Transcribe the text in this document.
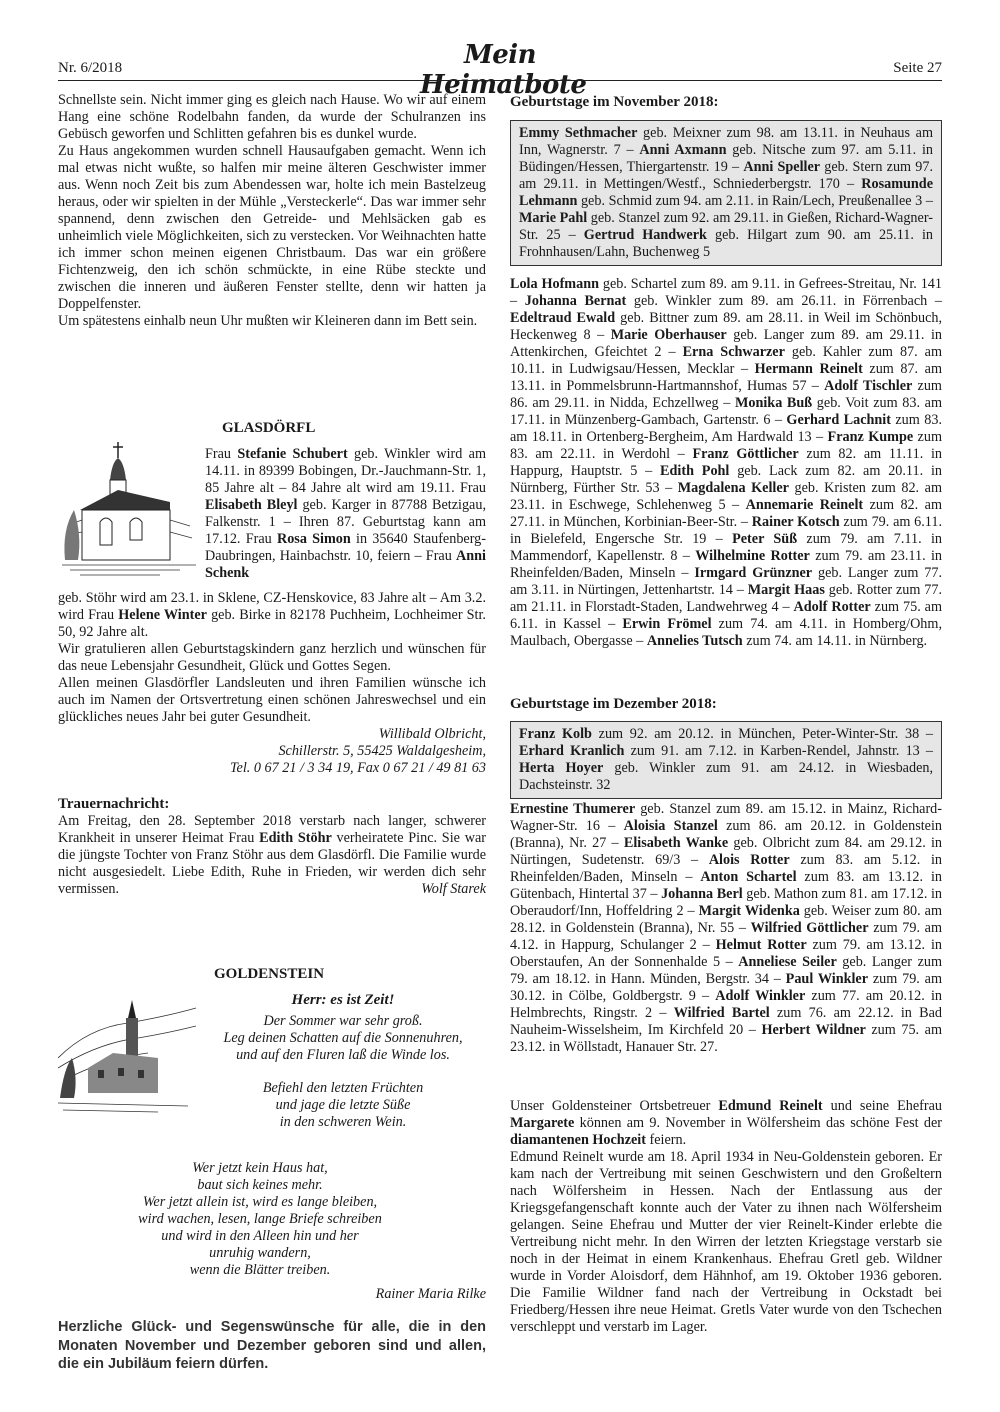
Nr. 6/2018	Mein Heimatbote
Seite 27

Schnellste sein. Nicht immer ging es gleich nach Hause. Wo wir auf einem Hang eine schöne Rodelbahn fanden, da wurde der Schulranzen ins Gebüsch geworfen und Schlitten gefahren bis es dunkel wurde.

Zu Haus angekommen wurden schnell Hausaufgaben gemacht. Wenn ich mal etwas nicht wußte, so halfen mir meine älteren Geschwister immer aus. Wenn noch Zeit bis zum Abendessen war, holte ich mein Bastelzeug heraus, oder wir spielten in der Mühle „Versteckerle“. Das war immer sehr spannend, denn zwischen den Getreide- und Mehlsäcken gab es unheimlich viele Möglichkeiten, sich zu verstecken. Vor Weihnachten hatte ich immer schon meinen eigenen Christbaum. Das war ein größere Fichtenzweig, den ich schön schmückte, in eine Rübe steckte und zwischen die inneren und äußeren Fenster stellte, denn wir hatten ja Doppelfenster.

Um spätestens einhalb neun Uhr mußten wir Kleineren dann im Bett sein.

GLASDÖRFL

Frau Stefanie Schubert geb. Winkler wird am 14.11. in 89399 Bobingen, Dr.-Jauchmann-Str. 1, 85 Jahre alt – 84 Jahre alt wird am 19.11. Frau Elisabeth Bleyl geb. Karger in 87788 Betzigau, Falkenstr. 1 – Ihren 87. Geburtstag kann am 17.12. Frau Rosa Simon in 35640 Staufenberg-Daubringen, Hainbachstr. 10, feiern – Frau Anni Schenk

geb. Stöhr wird am 23.1. in Sklene, CZ-Henskovice, 83 Jahre alt – Am 3.2. wird Frau Helene Winter geb. Birke in 82178 Puchheim, Lochheimer Str. 50, 92 Jahre alt.

Wir gratulieren allen Geburtstagskindern ganz herzlich und wünschen für das neue Lebensjahr Gesundheit, Glück und Gottes Segen.

Allen meinen Glasdörfler Landsleuten und ihren Familien wünsche ich auch im Namen der Ortsvertretung einen schönen Jahreswechsel und ein glückliches neues Jahr bei guter Gesundheit.

Willibald Olbricht,

Schillerstr. 5, 55425 Waldalgesheim,

Tel. 0 67 21 / 3 34 19, Fax 0 67 21 / 49 81 63

Trauernachricht:

Am Freitag, den 28. September 2018 verstarb nach langer, schwerer Krankheit in unserer Heimat Frau Edith Stöhr verheiratete Pinc. Sie war die jüngste Tochter von Franz Stöhr aus dem Glasdörfl. Die Familie wurde nicht ausgesiedelt. Liebe Edith, Ruhe in Frieden, wir werden dich sehr vermissen.	Wolf Starek

GOLDENSTEIN

Herr: es ist Zeit!

Der Sommer war sehr groß.

Leg deinen Schatten auf die Sonnenuhren,

und auf den Fluren laß die Winde los.

Befiehl den letzten Früchten

und jage die letzte Süße

in den schweren Wein.

Wer jetzt kein Haus hat,

baut sich keines mehr.

Wer jetzt allein ist, wird es lange bleiben,

wird wachen, lesen, lange Briefe schreiben

und wird in den Alleen hin und her

unruhig wandern,

wenn die Blätter treiben.

Rainer Maria Rilke
Herzliche Glück- und Segenswünsche für alle, die in den Monaten November und Dezember geboren sind und allen, die ein Jubiläum feiern dürfen.
Geburtstage im November 2018:
Emmy Sethmacher geb. Meixner zum 98. am 13.11. in Neuhaus am Inn, Wagnerstr. 7 – Anni Axmann geb. Nitsche zum 97. am 5.11. in Büdingen/Hessen, Thiergartenstr. 19 – Anni Speller geb. Stern zum 97. am 29.11. in Mettingen/Westf., Schniederbergstr. 170 – Rosamunde Lehmann geb. Schmid zum 94. am 2.11. in Rain/Lech, Preußenallee 3 – Marie Pahl geb. Stanzel zum 92. am 29.11. in Gießen, Richard-Wagner-Str. 25 – Gertrud Handwerk geb. Hilgart zum 90. am 25.11. in Frohnhausen/Lahn, Buchenweg 5
Lola Hofmann geb. Schartel zum 89. am 9.11. in Gefrees-Streitau, Nr. 141 – Johanna Bernat geb. Winkler zum 89. am 26.11. in Förrenbach – Edeltraud Ewald geb. Bittner zum 89. am 28.11. in Weil im Schönbuch, Heckenweg 8 – Marie Oberhauser geb. Langer zum 89. am 29.11. in Attenkirchen, Gfeichtet 2 – Erna Schwarzer geb. Kahler zum 87. am 10.11. in Ludwigsau/Hessen, Mecklar – Hermann Reinelt zum 87. am 13.11. in Pommelsbrunn-Hartmannshof, Humas 57 – Adolf Tischler zum 86. am 29.11. in Nidda, Echzellweg – Monika Buß geb. Voit zum 83. am 17.11. in Münzenberg-Gambach, Gartenstr. 6 – Gerhard Lachnit zum 83. am 18.11. in Ortenberg-Bergheim, Am Hardwald 13 – Franz Kumpe zum 83. am 22.11. in Werdohl – Franz Göttlicher zum 82. am 11.11. in Happurg, Hauptstr. 5 – Edith Pohl geb. Lack zum 82. am 20.11. in Nürnberg, Fürther Str. 53 – Magdalena Keller geb. Kristen zum 82. am 23.11. in Eschwege, Schlehenweg 5 – Annemarie Reinelt zum 82. am 27.11. in München, Korbinian-Beer-Str. – Rainer Kotsch zum 79. am 6.11. in Bielefeld, Engersche Str. 19 – Peter Süß zum 79. am 7.11. in Mammendorf, Kapellenstr. 8 – Wilhelmine Rotter zum 79. am 23.11. in Rheinfelden/Baden, Minseln – Irmgard Grünzner geb. Langer zum 77. am 3.11. in Nürtingen, Jettenhartstr. 14 – Margit Haas geb. Rotter zum 77. am 21.11. in Florstadt-Staden, Landwehrweg 4 – Adolf Rotter zum 75. am 6.11. in Kassel – Erwin Frömel zum 74. am 4.11. in Homberg/Ohm, Maulbach, Obergasse – Annelies Tutsch zum 74. am 14.11. in Nürnberg.
Geburtstage im Dezember 2018:
Franz Kolb zum 92. am 20.12. in München, Peter-Winter-Str. 38 – Erhard Kranlich zum 91. am 7.12. in Karben-Rendel, Jahnstr. 13 – Herta Hoyer geb. Winkler zum 91. am 24.12. in Wiesbaden, Dachsteinstr. 32
Ernestine Thumerer geb. Stanzel zum 89. am 15.12. in Mainz, Richard-Wagner-Str. 16 – Aloisia Stanzel zum 86. am 20.12. in Goldenstein (Branna), Nr. 27 – Elisabeth Wanke geb. Olbricht zum 84. am 29.12. in Nürtingen, Sudetenstr. 69/3 – Alois Rotter zum 83. am 5.12. in Rheinfelden/Baden, Minseln – Anton Schartel zum 83. am 13.12. in Gütenbach, Hintertal 37 – Johanna Berl geb. Mathon zum 81. am 17.12. in Oberaudorf/Inn, Hoffeldring 2 – Margit Widenka geb. Weiser zum 80. am 28.12. in Goldenstein (Branna), Nr. 55 – Wilfried Göttlicher zum 79. am 4.12. in Happurg, Schulanger 2 – Helmut Rotter zum 79. am 13.12. in Oberstaufen, An der Sonnenhalde 5 – Anneliese Seiler geb. Langer zum 79. am 18.12. in Hann. Münden, Bergstr. 34 – Paul Winkler zum 79. am 30.12. in Cölbe, Goldbergstr. 9 – Adolf Winkler zum 77. am 20.12. in Helmbrechts, Ringstr. 2 – Wilfried Bartel zum 76. am 22.12. in Bad Nauheim-Wisselsheim, Im Kirchfeld 20 – Herbert Wildner zum 75. am 23.12. in Wöllstadt, Hanauer Str. 27.

Unser Goldensteiner Ortsbetreuer Edmund Reinelt und seine Ehefrau Margarete können am 9. November in Wölfersheim das schöne Fest der diamantenen Hochzeit feiern.

Edmund Reinelt wurde am 18. April 1934 in Neu-Goldenstein geboren. Er kam nach der Vertreibung mit seinen Geschwistern und den Großeltern nach Wölfersheim in Hessen. Nach der Entlassung aus der Kriegsgefangenschaft konnte auch der Vater zu ihnen nach Wölfersheim gelangen. Seine Ehefrau und Mutter der vier Reinelt-Kinder erlebte die Vertreibung nicht mehr. In den Wirren der letzten Kriegstage verstarb sie noch in der Heimat in einem Krankenhaus. Ehefrau Gretl geb. Wildner wurde in Vorder Aloisdorf, dem Hähnhof, am 19. Oktober 1936 geboren. Die Familie Wildner fand nach der Vertreibung in Ockstadt bei Friedberg/Hessen ihre neue Heimat. Gretls Vater wurde von den Tschechen verschleppt und verstarb im Lager.
